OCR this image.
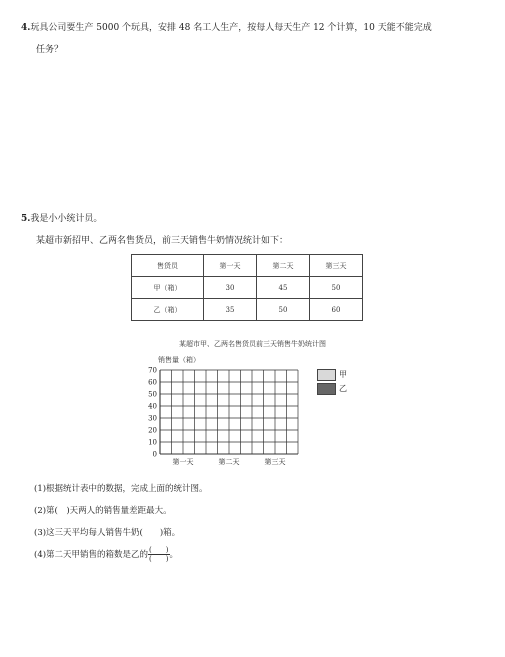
4.玩具公司要生产 5000 个玩具，安排 48 名工人生产，按每人每天生产 12 个计算，10 天能不能完成
任务？
5.我是小小统计员。
某超市新招甲、乙两名售货员，前三天销售牛奶情况统计如下：
售货员	第一天	第二天	第三天
甲（箱）	30	45	50
乙（箱）	35	50	60
某超市甲、乙两名售货员前三天销售牛奶统计图
销售量（箱）
0
10
20
30
40
50
60
70
第一天	第二天	第三天
甲
乙
(1)根据统计表中的数据，完成上面的统计图。
(2)第(　)天两人的销售量差距最大。
(3)这三天平均每人销售牛奶(　　)箱。
(4)第二天甲销售的箱数是乙的 $\frac{( )}{( )}$ 。
